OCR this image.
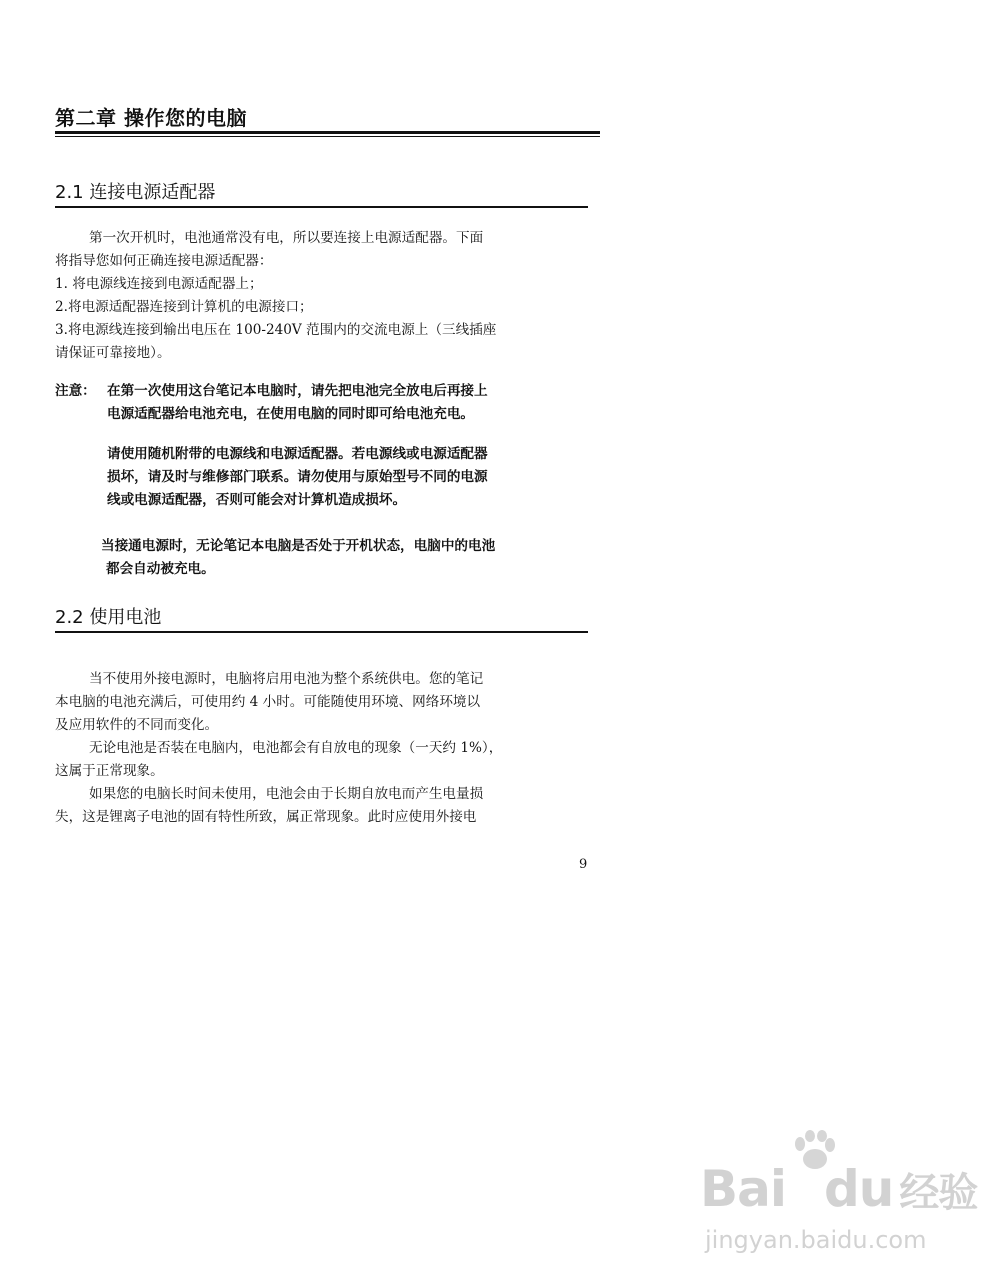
第二章 操作您的电脑
2.1 连接电源适配器
第一次开机时，电池通常没有电，所以要连接上电源适配器。下面
将指导您如何正确连接电源适配器：
1. 将电源线连接到电源适配器上；
2.将电源适配器连接到计算机的电源接口；
3.将电源线连接到输出电压在 100-240V 范围内的交流电源上（三线插座
请保证可靠接地）。
注意： 在第一次使用这台笔记本电脑时，请先把电池完全放电后再接上
电源适配器给电池充电，在使用电脑的同时即可给电池充电。
请使用随机附带的电源线和电源适配器。若电源线或电源适配器
损坏，请及时与维修部门联系。请勿使用与原始型号不同的电源
线或电源适配器，否则可能会对计算机造成损坏。
当接通电源时，无论笔记本电脑是否处于开机状态，电脑中的电池
都会自动被充电。
2.2 使用电池
当不使用外接电源时，电脑将启用电池为整个系统供电。您的笔记
本电脑的电池充满后，可使用约 4 小时。可能随使用环境、网络环境以
及应用软件的不同而变化。
无论电池是否装在电脑内，电池都会有自放电的现象（一天约 1%），
这属于正常现象。
如果您的电脑长时间未使用，电池会由于长期自放电而产生电量损
失，这是锂离子电池的固有特性所致，属正常现象。此时应使用外接电
9
Bai du 经验
jingyan.baidu.com
